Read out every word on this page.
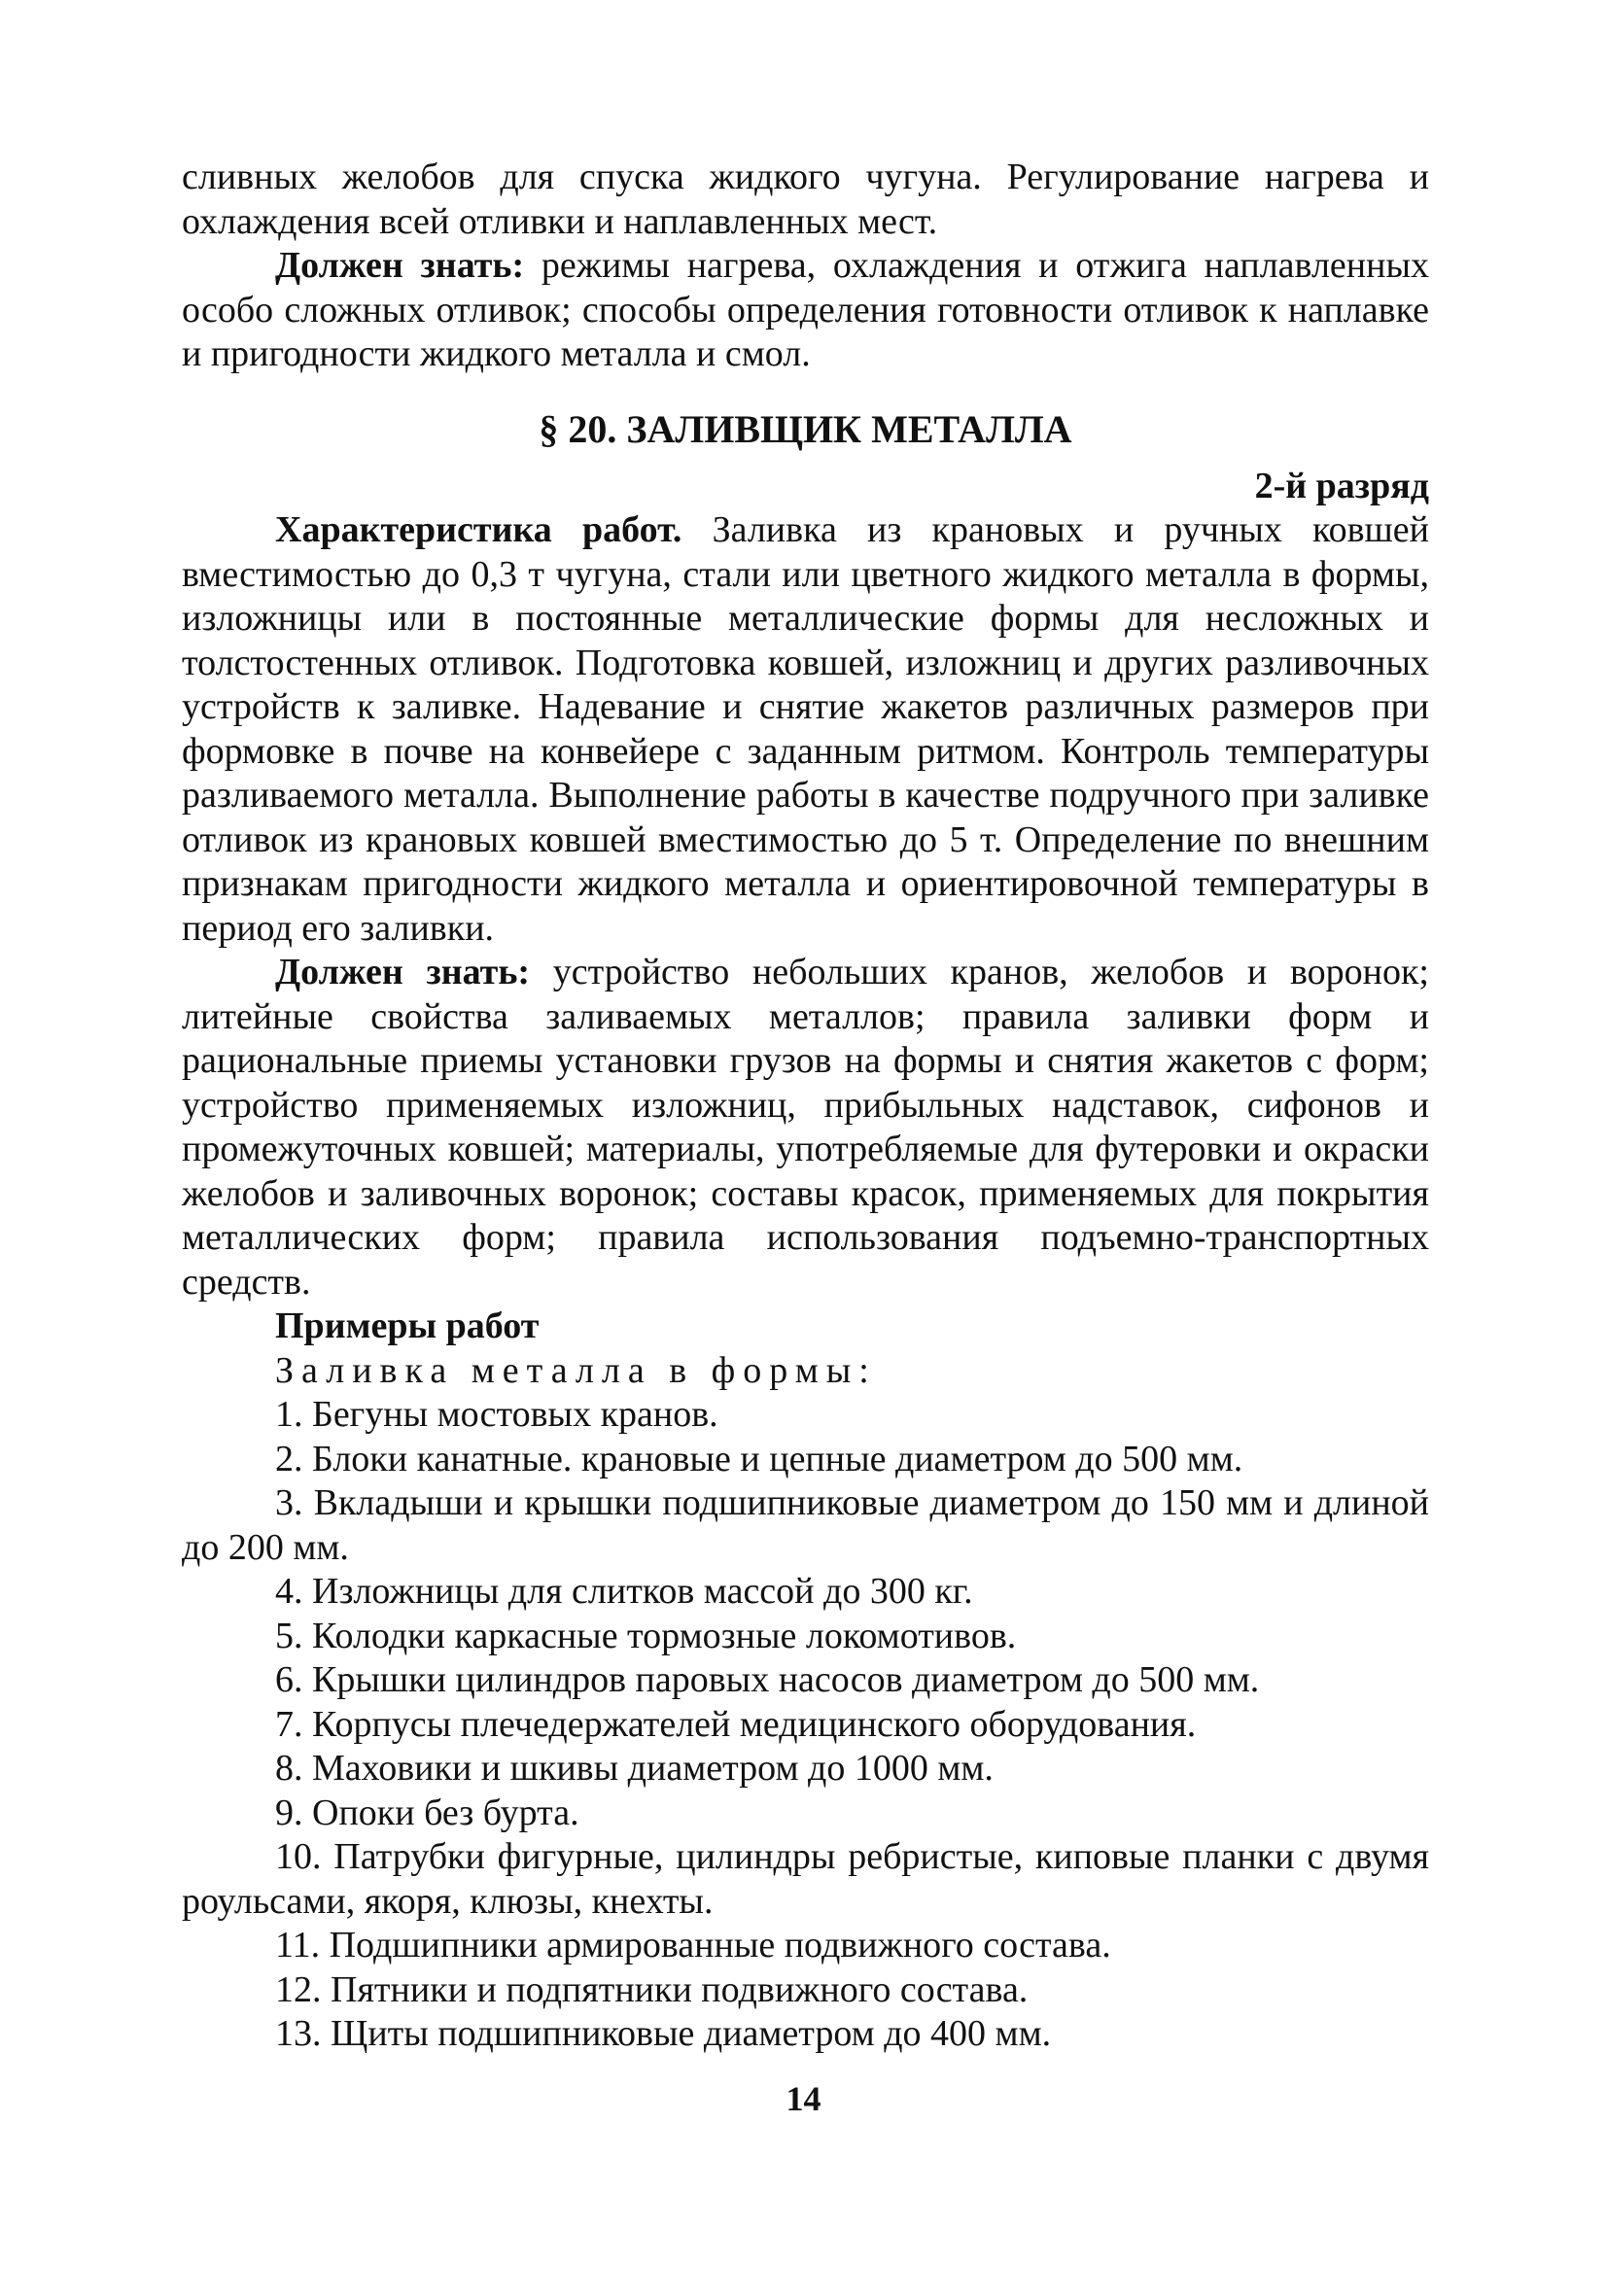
сливных желобов для спуска жидкого чугуна. Регулирование нагрева и охлаждения всей отливки и наплавленных мест.

Должен знать: режимы нагрева, охлаждения и отжига наплавленных особо сложных отливок; способы определения готовности отливок к наплавке и пригодности жидкого металла и смол.

§ 20. ЗАЛИВЩИК МЕТАЛЛА

2-й разряд

Характеристика работ. Заливка из крановых и ручных ковшей вместимостью до 0,3 т чугуна, стали или цветного жидкого металла в формы, изложницы или в постоянные металлические формы для несложных и толстостенных отливок. Подготовка ковшей, изложниц и других разливочных устройств к заливке. Надевание и снятие жакетов различных размеров при формовке в почве на конвейере с заданным ритмом. Контроль температуры разливаемого металла. Выполнение работы в качестве подручного при заливке отливок из крановых ковшей вместимостью до 5 т. Определение по внешним признакам пригодности жидкого металла и ориентировочной температуры в период его заливки.

Должен знать: устройство небольших кранов, желобов и воронок; литейные свойства заливаемых металлов; правила заливки форм и рациональные приемы установки грузов на формы и снятия жакетов с форм; устройство применяемых изложниц, прибыльных надставок, сифонов и промежуточных ковшей; материалы, употребляемые для футеровки и окраски желобов и заливочных воронок; составы красок, применяемых для покрытия металлических форм; правила использования подъемно-транспортных средств.

Примеры работ

Заливка металла в формы:

1. Бегуны мостовых кранов.

2. Блоки канатные. крановые и цепные диаметром до 500 мм.

3. Вкладыши и крышки подшипниковые диаметром до 150 мм и длиной до 200 мм.

4. Изложницы для слитков массой до 300 кг.

5. Колодки каркасные тормозные локомотивов.

6. Крышки цилиндров паровых насосов диаметром до 500 мм.

7. Корпусы плечедержателей медицинского оборудования.

8. Маховики и шкивы диаметром до 1000 мм.

9. Опоки без бурта.

10. Патрубки фигурные, цилиндры ребристые, киповые планки с двумя роульсами, якоря, клюзы, кнехты.

11. Подшипники армированные подвижного состава.

12. Пятники и подпятники подвижного состава.

13. Щиты подшипниковые диаметром до 400 мм.

14
